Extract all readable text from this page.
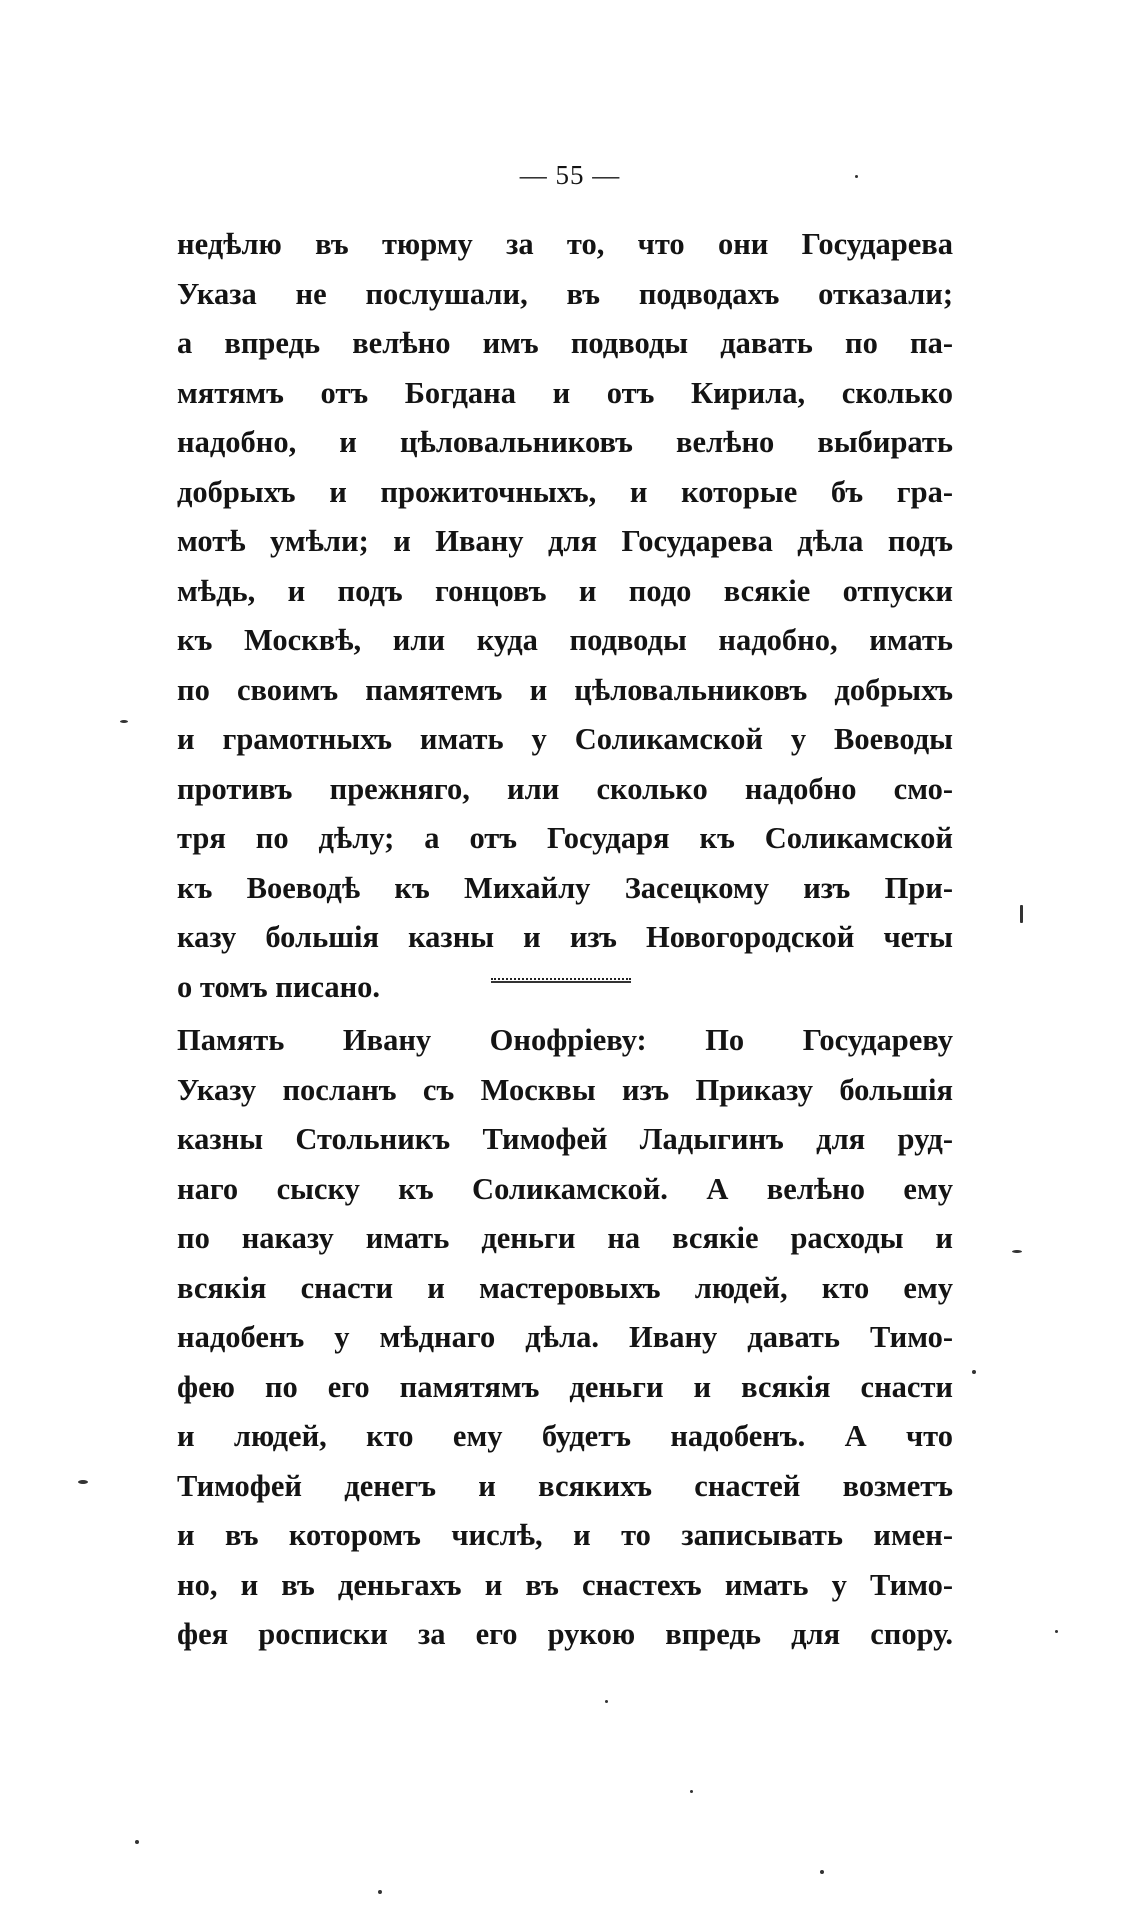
— 55 —
недѣлю въ тюрму за то, что они Государева
Указа не послушали, въ подводахъ отказали;
а впредь велѣно имъ подводы давать по па-
мятямъ отъ Богдана и отъ Кирила, сколько
надобно, и цѣловальниковъ велѣно выбирать
добрыхъ и прожиточныхъ, и которые бъ гра-
мотѣ умѣли; и Ивану для Государева дѣла подъ
мѣдь, и подъ гонцовъ и подо всякіе отпуски
къ Москвѣ, или куда подводы надобно, имать
по своимъ памятемъ и цѣловальниковъ добрыхъ
и грамотныхъ имать у Соликамской у Воеводы
противъ прежняго, или сколько надобно смо-
тря по дѣлу; а отъ Государя къ Соликамской
къ Воеводѣ къ Михайлу Засецкому изъ При-
казу большія казны и изъ Новогородской четы
о томъ писано.
Память Ивану Онофріеву: По Государеву
Указу посланъ съ Москвы изъ Приказу большія
казны Стольникъ Тимофей Ладыгинъ для руд-
наго сыску къ Соликамской. А велѣно ему
по наказу имать деньги на всякіе расходы и
всякія снасти и мастеровыхъ людей, кто ему
надобенъ у мѣднаго дѣла. Ивану давать Тимо-
фею по его памятямъ деньги и всякія снасти
и людей, кто ему будетъ надобенъ. А что
Тимофей денегъ и всякихъ снастей возметъ
и въ которомъ числѣ, и то записывать имен-
но, и въ деньгахъ и въ снастехъ имать у Тимо-
фея росписки за его рукою впредь для спору.
